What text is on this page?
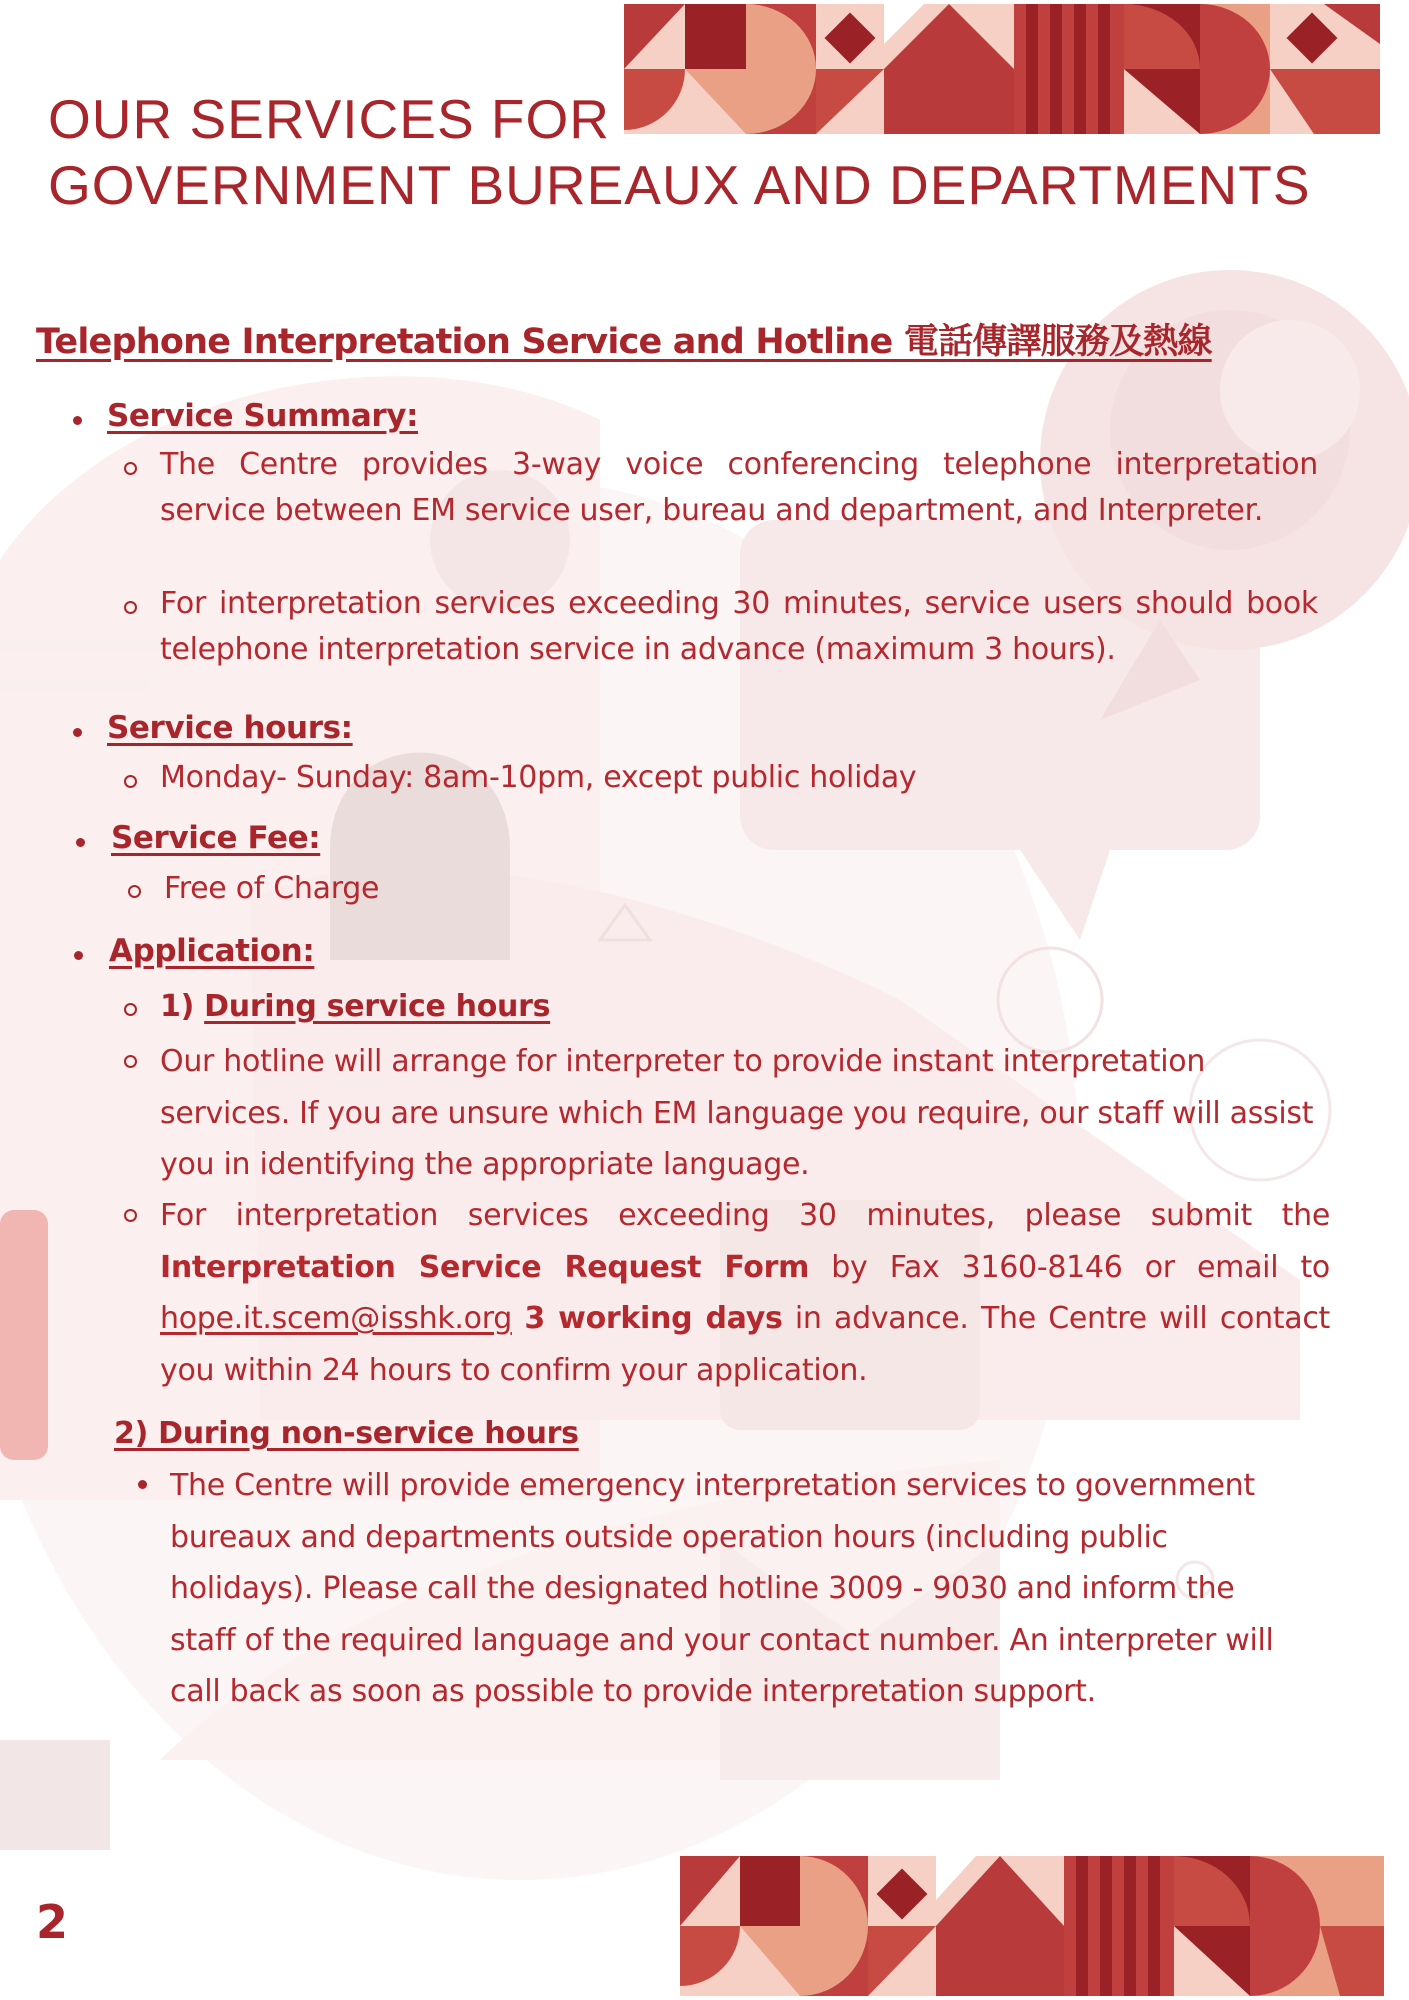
OUR SERVICES FOR
GOVERNMENT BUREAUX AND DEPARTMENTS
Telephone Interpretation Service and Hotline 電話傳譯服務及熱線
Service Summary:
The Centre provides 3-way voice conferencing telephone interpretation service between EM service user, bureau and department, and Interpreter.
For interpretation services exceeding 30 minutes, service users should book telephone interpretation service in advance (maximum 3 hours).
Service hours:
Monday- Sunday: 8am-10pm, except public holiday
Service Fee:
Free of Charge
Application:
1) During service hours
Our hotline will arrange for interpreter to provide instant interpretation services. If you are unsure which EM language you require, our staff will assist you in identifying the appropriate language.
For interpretation services exceeding 30 minutes, please submit the Interpretation Service Request Form by Fax 3160-8146 or email to hope.it.scem@isshk.org 3 working days in advance. The Centre will contact you within 24 hours to confirm your application.
2) During non-service hours
The Centre will provide emergency interpretation services to government bureaux and departments outside operation hours (including public holidays). Please call the designated hotline 3009 - 9030 and inform the staff of the required language and your contact number. An interpreter will call back as soon as possible to provide interpretation support.
2
